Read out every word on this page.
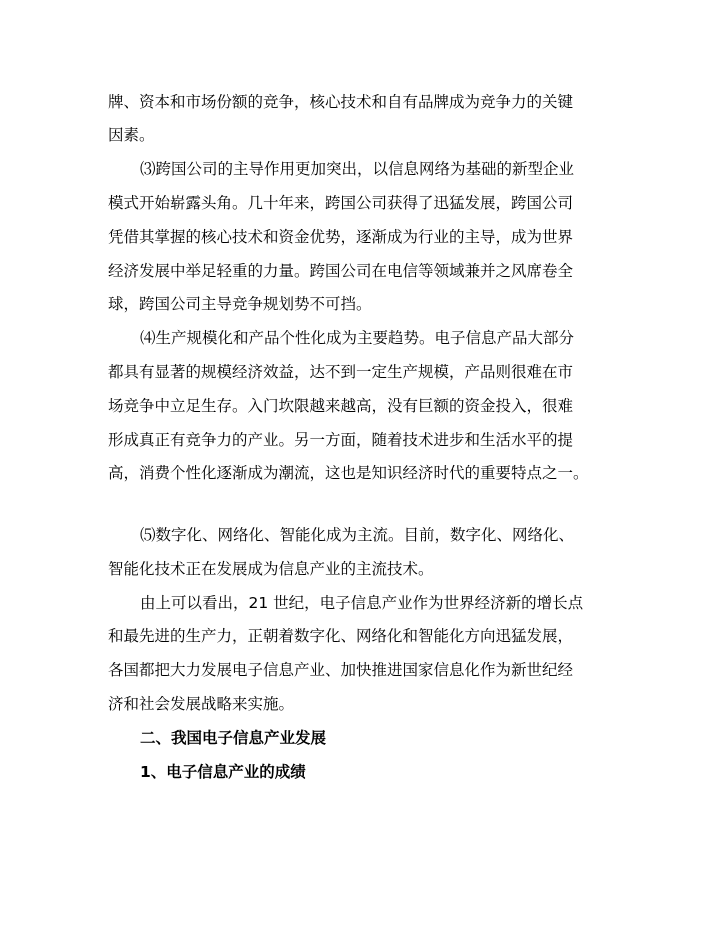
牌、资本和市场份额的竞争，核心技术和自有品牌成为竞争力的关键
因素。
⑶跨国公司的主导作用更加突出，以信息网络为基础的新型企业
模式开始崭露头角。几十年来，跨国公司获得了迅猛发展，跨国公司
凭借其掌握的核心技术和资金优势，逐渐成为行业的主导，成为世界
经济发展中举足轻重的力量。跨国公司在电信等领域兼并之风席卷全
球，跨国公司主导竞争规划势不可挡。
⑷生产规模化和产品个性化成为主要趋势。电子信息产品大部分
都具有显著的规模经济效益，达不到一定生产规模，产品则很难在市
场竞争中立足生存。入门坎限越来越高，没有巨额的资金投入，很难
形成真正有竞争力的产业。另一方面，随着技术进步和生活水平的提
高，消费个性化逐渐成为潮流，这也是知识经济时代的重要特点之一。
⑸数字化、网络化、智能化成为主流。目前，数字化、网络化、
智能化技术正在发展成为信息产业的主流技术。
由上可以看出，21 世纪，电子信息产业作为世界经济新的增长点
和最先进的生产力，正朝着数字化、网络化和智能化方向迅猛发展，
各国都把大力发展电子信息产业、加快推进国家信息化作为新世纪经
济和社会发展战略来实施。
二、我国电子信息产业发展
1、电子信息产业的成绩
